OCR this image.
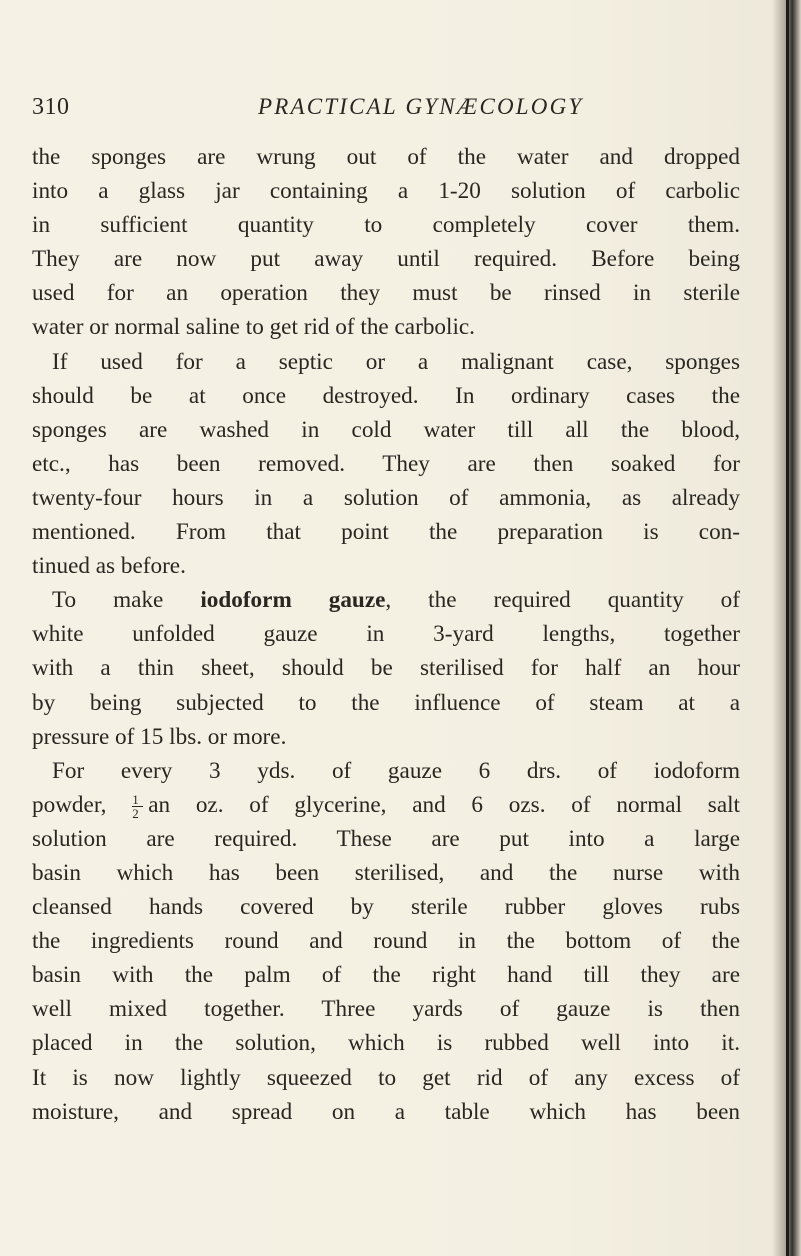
310	PRACTICAL GYNÆCOLOGY
the sponges are wrung out of the water and dropped
into a glass jar containing a 1-20 solution of carbolic
in sufficient quantity to completely cover them.
They are now put away until required. Before being
used for an operation they must be rinsed in sterile
water or normal saline to get rid of the carbolic.
If used for a septic or a malignant case, sponges
should be at once destroyed. In ordinary cases the
sponges are washed in cold water till all the blood,
etc., has been removed. They are then soaked for
twenty-four hours in a solution of ammonia, as already
mentioned. From that point the preparation is con-
tinued as before.
To make iodoform gauze, the required quantity of
white unfolded gauze in 3-yard lengths, together
with a thin sheet, should be sterilised for half an hour
by being subjected to the influence of steam at a
pressure of 15 lbs. or more.
For every 3 yds. of gauze 6 drs. of iodoform
powder, $\frac{1}{2}$ an oz. of glycerine, and 6 ozs. of normal salt
solution are required. These are put into a large
basin which has been sterilised, and the nurse with
cleansed hands covered by sterile rubber gloves rubs
the ingredients round and round in the bottom of the
basin with the palm of the right hand till they are
well mixed together. Three yards of gauze is then
placed in the solution, which is rubbed well into it.
It is now lightly squeezed to get rid of any excess of
moisture, and spread on a table which has been
